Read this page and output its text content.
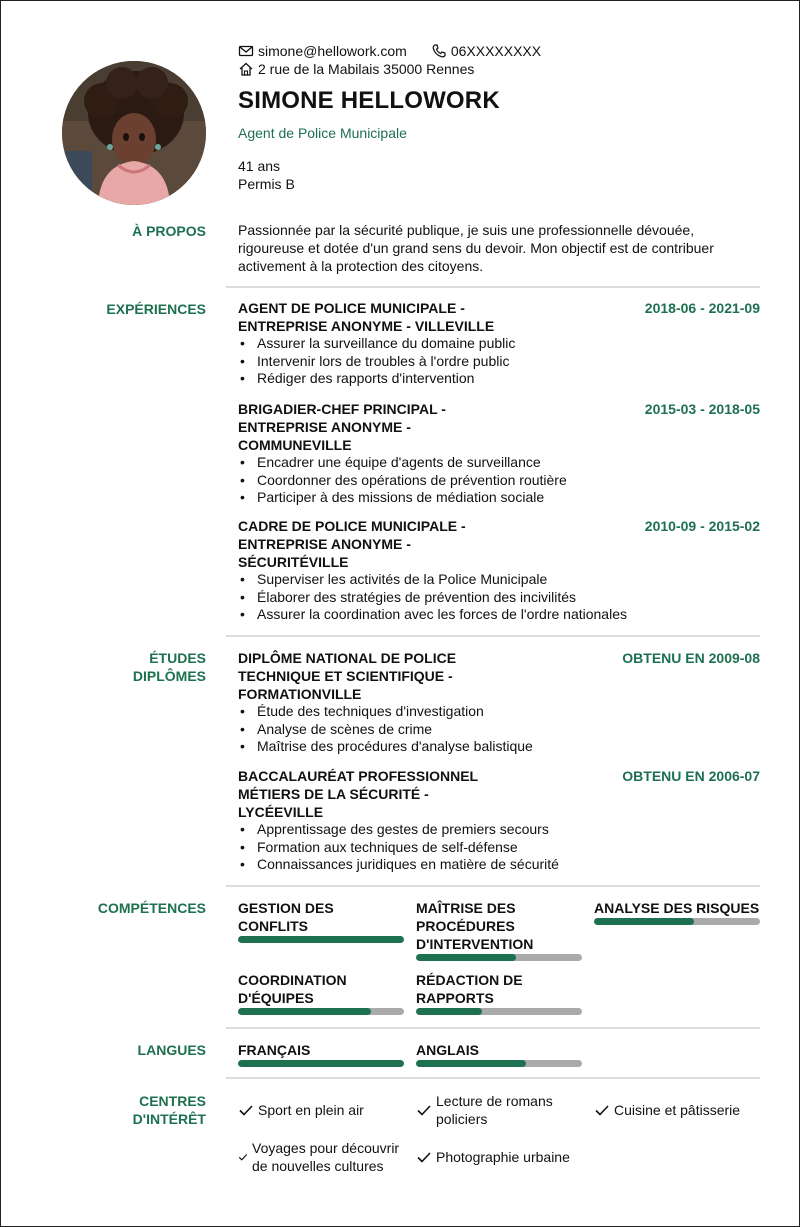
simone@hellowork.com	06XXXXXXXX
2 rue de la Mabilais 35000 Rennes
SIMONE HELLOWORK
Agent de Police Municipale
41 ans
Permis B
À PROPOS Passionnée par la sécurité publique, je suis une professionnelle dévouée, rigoureuse et dotée d'un grand sens du devoir. Mon objectif est de contribuer activement à la protection des citoyens.
EXPÉRIENCES AGENT DE POLICE MUNICIPALE - ENTREPRISE ANONYME - VILLEVILLE
2018-06 - 2021-09
• Assurer la surveillance du domaine public
• Intervenir lors de troubles à l'ordre public
• Rédiger des rapports d'intervention
BRIGADIER-CHEF PRINCIPAL - ENTREPRISE ANONYME - COMMUNEVILLE
2015-03 - 2018-05
• Encadrer une équipe d'agents de surveillance
• Coordonner des opérations de prévention routière
• Participer à des missions de médiation sociale
CADRE DE POLICE MUNICIPALE - ENTREPRISE ANONYME - SÉCURITÉVILLE
2010-09 - 2015-02
• Superviser les activités de la Police Municipale
• Élaborer des stratégies de prévention des incivilités
• Assurer la coordination avec les forces de l'ordre nationales
ÉTUDES
DIPLÔMES
DIPLÔME NATIONAL DE POLICE TECHNIQUE ET SCIENTIFIQUE - FORMATIONVILLE
OBTENU EN 2009-08
• Étude des techniques d'investigation
• Analyse de scènes de crime
• Maîtrise des procédures d'analyse balistique
BACCALAURÉAT PROFESSIONNEL MÉTIERS DE LA SÉCURITÉ - LYCÉEVILLE
OBTENU EN 2006-07
• Apprentissage des gestes de premiers secours
• Formation aux techniques de self-défense
• Connaissances juridiques en matière de sécurité
COMPÉTENCES GESTION DES CONFLITS
MAÎTRISE DES PROCÉDURES D'INTERVENTION
ANALYSE DES RISQUES
COORDINATION D'ÉQUIPES
RÉDACTION DE RAPPORTS
LANGUES FRANÇAIS	ANGLAIS
CENTRES
D'INTÉRÊT
Sport en plein air
Lecture de romans policiers
Cuisine et pâtisserie
Voyages pour découvrir de nouvelles cultures
Photographie urbaine
